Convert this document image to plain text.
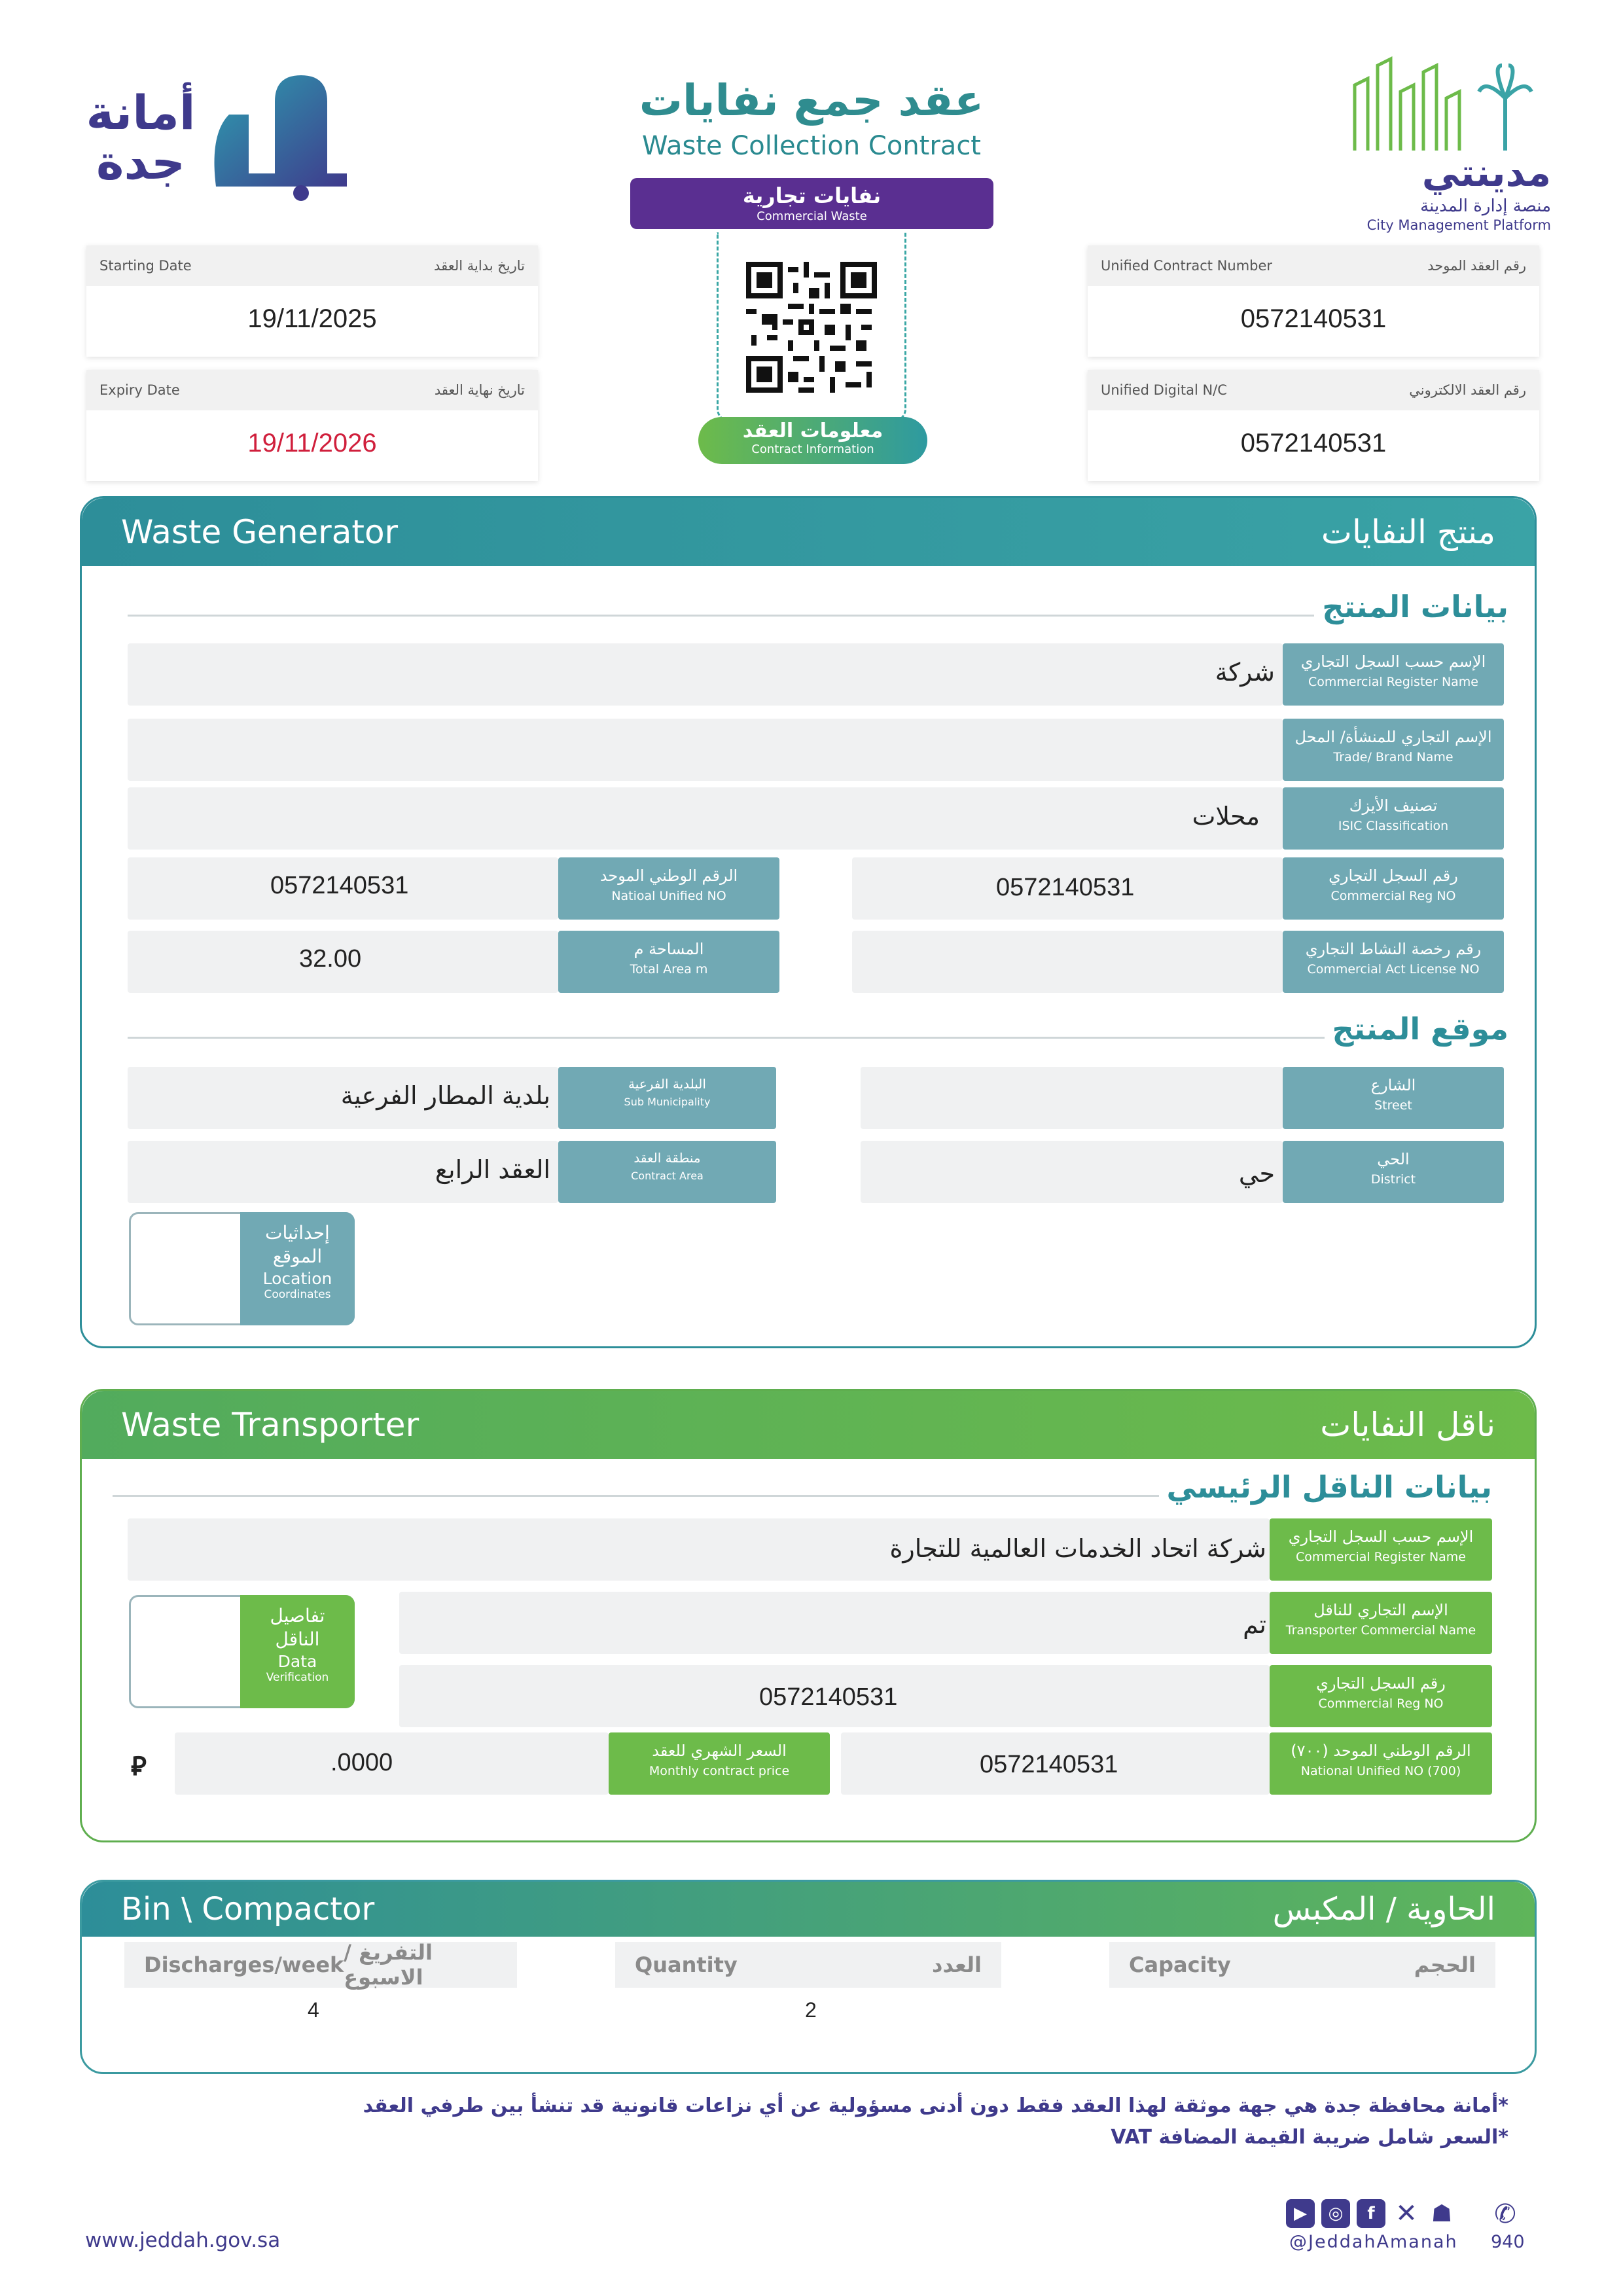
أمانة جدة
عقد جمع نفايات
Waste Collection Contract
نفايات تجارية
Commercial Waste
معلومات العقد
Contract Information
مدينتي
منصة إدارة المدينة
City Management Platform
Starting Date	تاريخ بداية العقد
19/11/2025
Expiry Date	تاريخ نهاية العقد
19/11/2026
Unified Contract Number	رقم العقد الموحد
0572140531
Unified Digital N/C	رقم العقد الالكتروني
0572140531
Waste Generator	منتج النفايات
بيانات المنتج
شركة	الإسم حسب السجل التجاري
Commercial Register Name
الإسم التجاري للمنشأة/ المحل
Trade/ Brand Name
محلات	تصنيف الأيزك
ISIC Classification
0572140531	رقم السجل التجاري
Commercial Reg NO
0572140531	الرقم الوطني الموحد
Natioal Unified NO
رقم رخصة النشاط التجاري
Commercial Act License NO
32.00	المساحة م
Total Area m
موقع المنتج
الشارع
Street
بلدية المطار الفرعية	البلدية الفرعية
Sub Municipality
حي	الحي
District
العقد الرابع	منطقة العقد
Contract Area
إحداثيات الموقع
Location
Coordinates
Waste Transporter	ناقل النفايات
بيانات الناقل الرئيسي
شركة اتحاد الخدمات العالمية للتجارة	الإسم حسب السجل التجاري
Commercial Register Name
تم	الإسم التجاري للناقل
Transporter Commercial Name
0572140531	رقم السجل التجاري
Commercial Reg NO
تفاصيل الناقل
Data
Verification
0572140531	الرقم الوطني الموحد (٧٠٠)
National Unified NO (700)
.0000	السعر الشهري للعقد
Monthly contract price
⃁
Bin \ Compactor	الحاوية / المكبس
Discharges/week التفريغ / الاسبوع	Quantity	العدد	Capacity	الحجم
4	2
*أمانة محافظة جدة هي جهة موثقة لهذا العقد فقط دون أدنى مسؤولية عن أي نزاعات قانونية قد تنشأ بين طرفي العقد
*السعر شامل ضريبة القيمة المضافة VAT
www.jeddah.gov.sa
▶	◎	f ✕ ☗
@JeddahAmanah
✆
940
